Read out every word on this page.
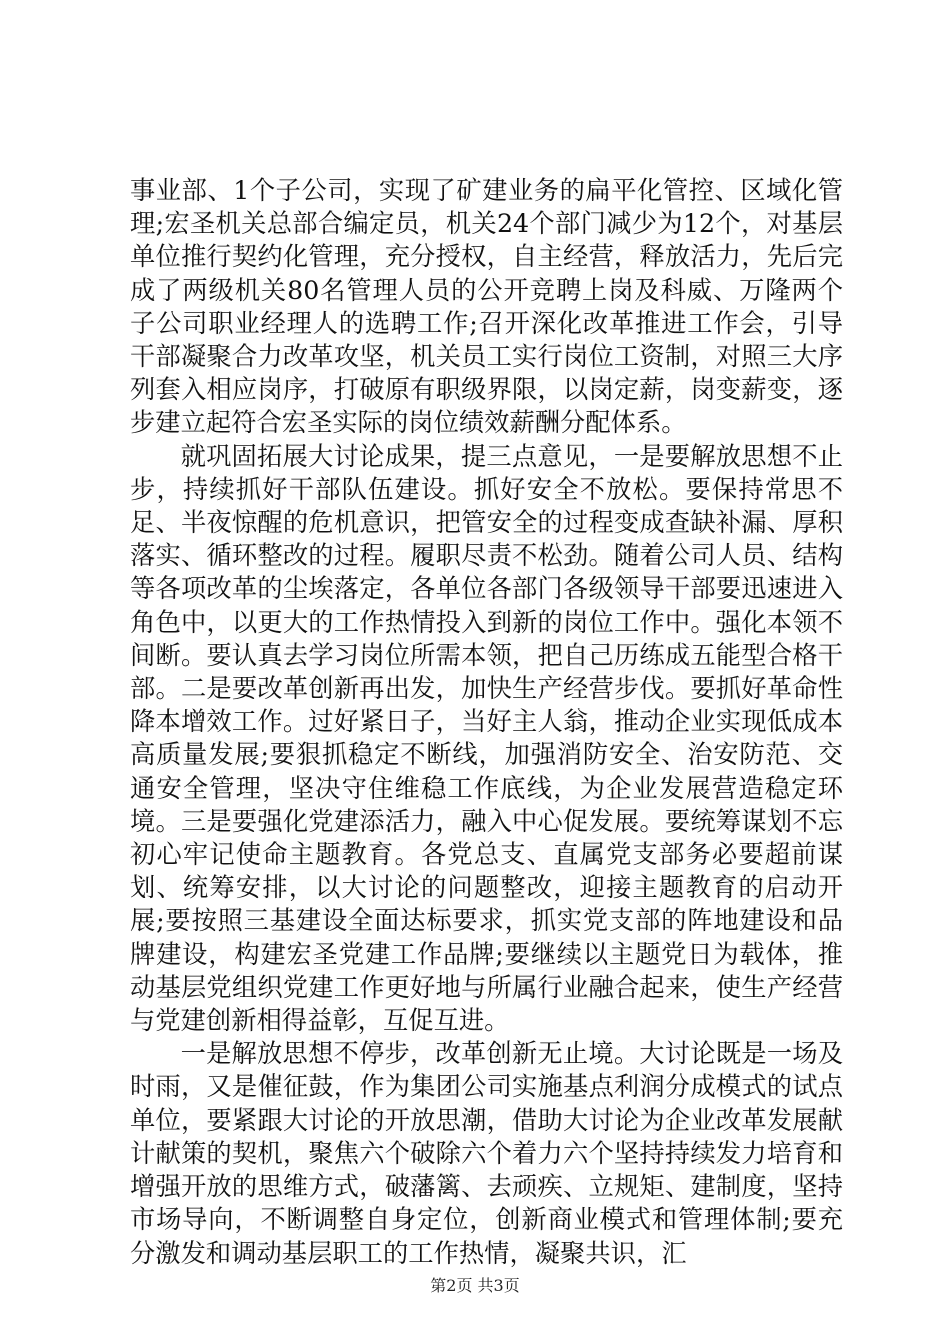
事业部、1个子公司，实现了矿建业务的扁平化管控、区域化管理;宏圣机关总部合编定员，机关24个部门减少为12个，对基层单位推行契约化管理，充分授权，自主经营，释放活力，先后完成了两级机关80名管理人员的公开竞聘上岗及科威、万隆两个子公司职业经理人的选聘工作;召开深化改革推进工作会，引导干部凝聚合力改革攻坚，机关员工实行岗位工资制，对照三大序列套入相应岗序，打破原有职级界限，以岗定薪，岗变薪变，逐步建立起符合宏圣实际的岗位绩效薪酬分配体系。

就巩固拓展大讨论成果，提三点意见，一是要解放思想不止步，持续抓好干部队伍建设。抓好安全不放松。要保持常思不足、半夜惊醒的危机意识，把管安全的过程变成查缺补漏、厚积落实、循环整改的过程。履职尽责不松劲。随着公司人员、结构等各项改革的尘埃落定，各单位各部门各级领导干部要迅速进入角色中，以更大的工作热情投入到新的岗位工作中。强化本领不间断。要认真去学习岗位所需本领，把自己历练成五能型合格干部。二是要改革创新再出发，加快生产经营步伐。要抓好革命性降本增效工作。过好紧日子，当好主人翁，推动企业实现低成本高质量发展;要狠抓稳定不断线，加强消防安全、治安防范、交通安全管理，坚决守住维稳工作底线，为企业发展营造稳定环境。三是要强化党建添活力，融入中心促发展。要统筹谋划不忘初心牢记使命主题教育。各党总支、直属党支部务必要超前谋划、统筹安排，以大讨论的问题整改，迎接主题教育的启动开展;要按照三基建设全面达标要求，抓实党支部的阵地建设和品牌建设，构建宏圣党建工作品牌;要继续以主题党日为载体，推动基层党组织党建工作更好地与所属行业融合起来，使生产经营与党建创新相得益彰，互促互进。

一是解放思想不停步，改革创新无止境。大讨论既是一场及时雨，又是催征鼓，作为集团公司实施基点利润分成模式的试点单位，要紧跟大讨论的开放思潮，借助大讨论为企业改革发展献计献策的契机，聚焦六个破除六个着力六个坚持持续发力培育和增强开放的思维方式，破藩篱、去顽疾、立规矩、建制度，坚持市场导向，不断调整自身定位，创新商业模式和管理体制;要充分激发和调动基层职工的工作热情，凝聚共识，汇

第2页 共3页
